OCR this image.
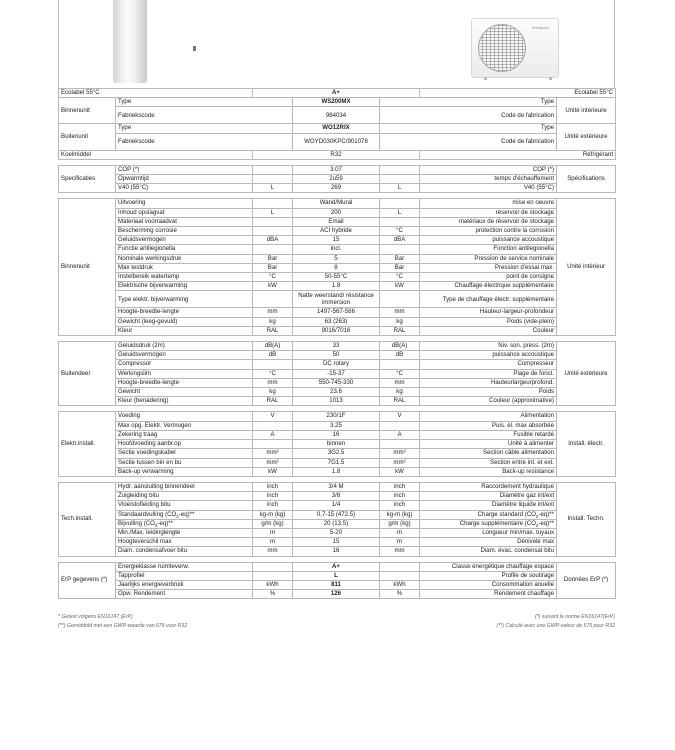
Whirlpool
Ecolabel 55°C		A+			Ecolabel 55°C	
Binnenunit	Type		WS200MX	Type		Unité intérieure
	Fabriekscode		984034	Code de fabrication		
Buitenunit	Type		WO12RIX	Type		Unité extérieure
	Fabriekscode		WOYD030KPC/901078	Code de fabrication		
Koelmiddel		R32			Réfrigérant	

Specificaties	COP (*)		3.07		COP (*)	Spécifications
	Opwarmtijd		2u59		temps d'échauffement	
	V40 (55°C)	L	269	L	V40 (55°C)	

Binnenunit	Uitvoering		Wand/Mural		mise en oeuvre	Unité intérieur
	Inhoud opslagvat	L	200	L	réservoir de stockage	
	Materiaal voorraadvat		Email		matériaux de réservoir de stockage	
	Bescherming corrosie		ACI hybride	°C	protection contre la corrosion	
	Geluidsvermogen	dBA	15	dBA	puissance accoustique	
	Functie antilegionella		incl.		Fonction antilegionella	
	Nominale werkingsdruk	Bar	5	Bar	Pression de service nominale	
	Max testdruk	Bar	8	Bar	Pression d'essai max.	
	Instelbereik watertemp	°C	50-55°C	°C	point de consigne	
	Elektrische bijverwarming	kW	1.8	kW	Chauffage électrique supplémentaire	
	Type elektr. bijverwarming		Natte weerstand/ résistance immersion		Type de chauffage électr. supplémentaire	
	Hoogte-breedte-lengte	mm	1497-567-586	mm	Hauteur-largeur-profondeur	
	Gewicht (leeg-gevuld)	kg	63 (263)	kg	Poids (vide-plein)	
	Kleur	RAL	9016/7016	RAL	Couleur	

Buitendeel	Geluidsdruk (2m)	dB(A)	33	dB(A)	Niv. son. press. (2m)	Unité extérieure
	Geluidsvermogen	dB	50	dB	puissance accoustique	
	Compressor		DC rotary		Compresseur	
	Werkingslim	°C	-15-37	°C	Plage de fonct.	
	Hoogte-breedte-lengte	mm	550-745-330	mm	Hauteurlargeurprofond.	
	Gewicht	kg	23.6	kg	Poids	
	Kleur (benadering)	RAL	1013	RAL	Couleur (approximative)	

Elektr.install.	Voeding	V	230/1F	V	Alimentation	Install. électr.
	Max opg. Elektr. Vermogen		3.25		Puis. él. max absorbée	
	Zekering traag	A	16	A	Fusible retardé	
	Hoofdvoeding aanbr.op		binnen		Unité à alimenter	
	Sectie voedingskabel	mm²	3G2.5	mm²	Section câble alimentation	
	Sectie tussen bin en bu	mm²	7G1.5	mm²	Section entre int. et ext.	
	Back-up verwarming	kW	1.8	kW	Back-up resistance	

Tech.install.	Hydr. aansluiting binnendeel	inch	3/4 M	inch	Raccordement hydraulique	Install. Techn.
	Zuigleiding bitu	inch	3/8	inch	Diamètre gaz int/ext	
	Vloeistofleiding bitu	inch	1/4	inch	Diamètre liquide int/ext	
	Standaardvulling $(CO_2-eq)**$	kg-m (kg)	0,7-15 (472.5)	kg-m (kg)	Charge standard $(CO_2-eq)**$	
	Bijvulling $(CO_2-eq)**$	g/m (kg)	20 (13.5)	g/m (kg)	Charge supplémentaire $(CO_2-eq)**$	
	Min./Max. leidinglengte	m	5-20	m	Longueur min/max. tuyaux	
	Hoogteverschil max	m	15	m	Dénivelé max	
	Diam. condensafvoer bitu	mm	16	mm	Diam. évac. condensat bitu	

ErP gegevens (*)	Energieklasse ruimteverw.		A+		Classe énergétique chauffage espace	Données ErP (*)
	Tapprofiel		L		Profile de soutirage	
	Jaarlijks energieverbruik	kWh	811	kWh	Consommation anuelle	
	Opw. Rendement	%	126	%	Rendement chauffage	
* Getest volgens EN16147 (ErP)
(**) Gemiddeld met een GWP-waarde van 675 voor R32
(*) suivant la norme EN16147(ErP)
(**) Calculé avec une GWP-valeur de 675 pour R32
